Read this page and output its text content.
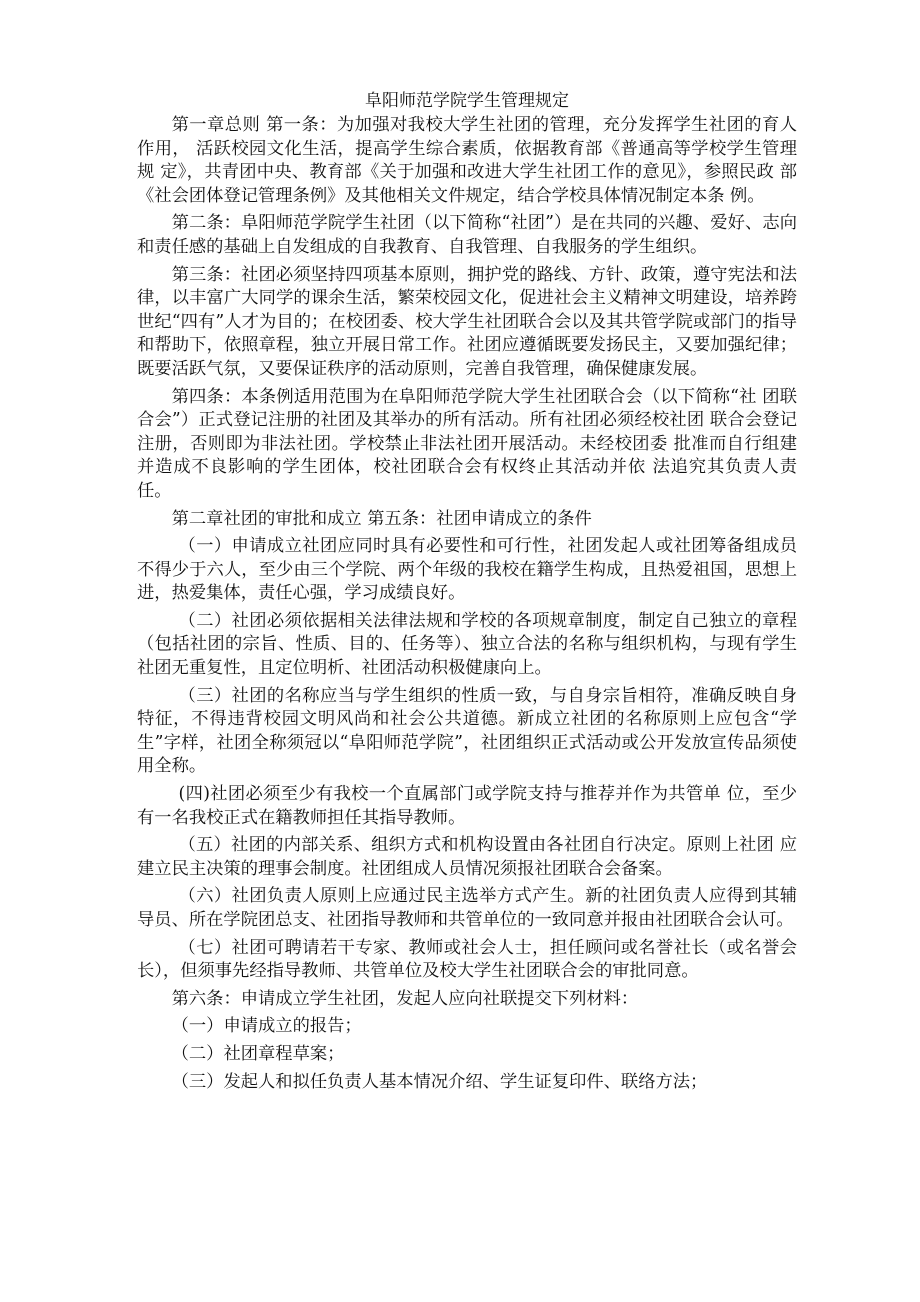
阜阳师范学院学生管理规定

第一章总则 第一条：为加强对我校大学生社团的管理，充分发挥学生社团的育人作用， 活跃校园文化生活，提高学生综合素质，依据教育部《普通高等学校学生管理规 定》，共青团中央、教育部《关于加强和改进大学生社团工作的意见》，参照民政 部《社会团体登记管理条例》及其他相关文件规定，结合学校具体情况制定本条 例。

第二条：阜阳师范学院学生社团（以下简称“社团”）是在共同的兴趣、爱好、志向和责任感的基础上自发组成的自我教育、自我管理、自我服务的学生组织。

第三条：社团必须坚持四项基本原则，拥护党的路线、方针、政策，遵守宪法和法律，以丰富广大同学的课余生活，繁荣校园文化，促进社会主义精神文明建设，培养跨世纪“四有”人才为目的；在校团委、校大学生社团联合会以及其共管学院或部门的指导和帮助下，依照章程，独立开展日常工作。社团应遵循既要发扬民主，又要加强纪律；既要活跃气氛，又要保证秩序的活动原则，完善自我管理，确保健康发展。

第四条：本条例适用范围为在阜阳师范学院大学生社团联合会（以下简称“社 团联合会”）正式登记注册的社团及其举办的所有活动。所有社团必须经校社团 联合会登记注册，否则即为非法社团。学校禁止非法社团开展活动。未经校团委 批准而自行组建并造成不良影响的学生团体，校社团联合会有权终止其活动并依 法追究其负责人责任。

第二章社团的审批和成立 第五条：社团申请成立的条件

（一）申请成立社团应同时具有必要性和可行性，社团发起人或社团筹备组成员不得少于六人，至少由三个学院、两个年级的我校在籍学生构成，且热爱祖国，思想上进，热爱集体，责任心强，学习成绩良好。

（二）社团必须依据相关法律法规和学校的各项规章制度，制定自己独立的章程（包括社团的宗旨、性质、目的、任务等）、独立合法的名称与组织机构，与现有学生社团无重复性，且定位明析、社团活动积极健康向上。

（三）社团的名称应当与学生组织的性质一致，与自身宗旨相符，准确反映自身特征，不得违背校园文明风尚和社会公共道德。新成立社团的名称原则上应包含“学生”字样，社团全称须冠以“阜阳师范学院”，社团组织正式活动或公开发放宣传品须使用全称。

(四)社团必须至少有我校一个直属部门或学院支持与推荐并作为共管单 位，至少有一名我校正式在籍教师担任其指导教师。

（五）社团的内部关系、组织方式和机构设置由各社团自行决定。原则上社团 应建立民主决策的理事会制度。社团组成人员情况须报社团联合会备案。

（六）社团负责人原则上应通过民主选举方式产生。新的社团负责人应得到其辅导员、所在学院团总支、社团指导教师和共管单位的一致同意并报由社团联合会认可。

（七）社团可聘请若干专家、教师或社会人士，担任顾问或名誉社长（或名誉会长），但须事先经指导教师、共管单位及校大学生社团联合会的审批同意。

第六条：申请成立学生社团，发起人应向社联提交下列材料：

（一）申请成立的报告；

（二）社团章程草案；

（三）发起人和拟任负责人基本情况介绍、学生证复印件、联络方法；
